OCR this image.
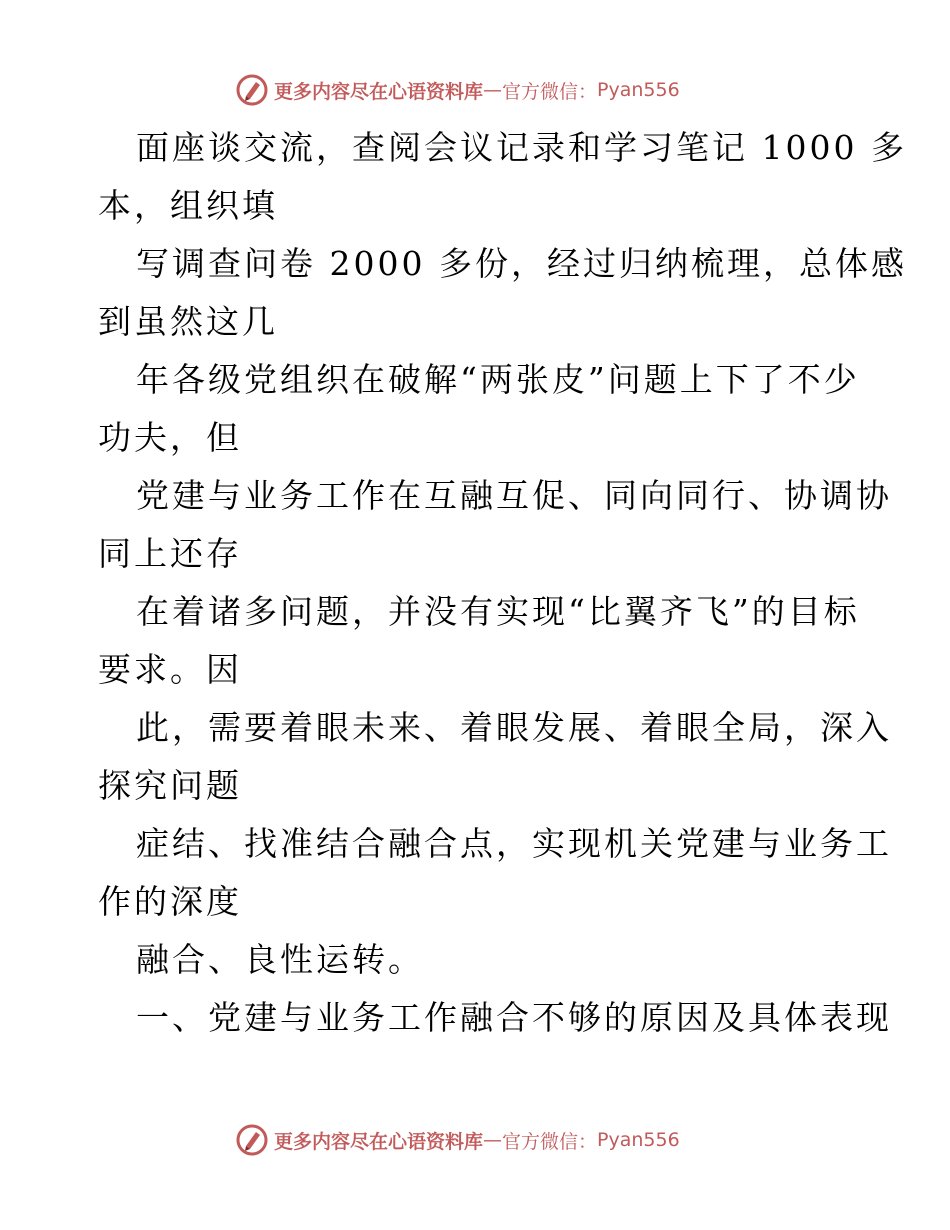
更多内容尽在心语资料库 — 官方微信： Pyan556
面座谈交流，查阅会议记录和学习笔记 1000 多
本，组织填
写调查问卷 2000 多份，经过归纳梳理，总体感
到虽然这几
年各级党组织在破解“两张皮”问题上下了不少
功夫，但
党建与业务工作在互融互促、同向同行、协调协
同上还存
在着诸多问题，并没有实现“比翼齐飞”的目标
要求。因
此，需要着眼未来、着眼发展、着眼全局，深入
探究问题
症结、找准结合融合点，实现机关党建与业务工
作的深度
融合、良性运转。
一、党建与业务工作融合不够的原因及具体表现
更多内容尽在心语资料库 — 官方微信： Pyan556
